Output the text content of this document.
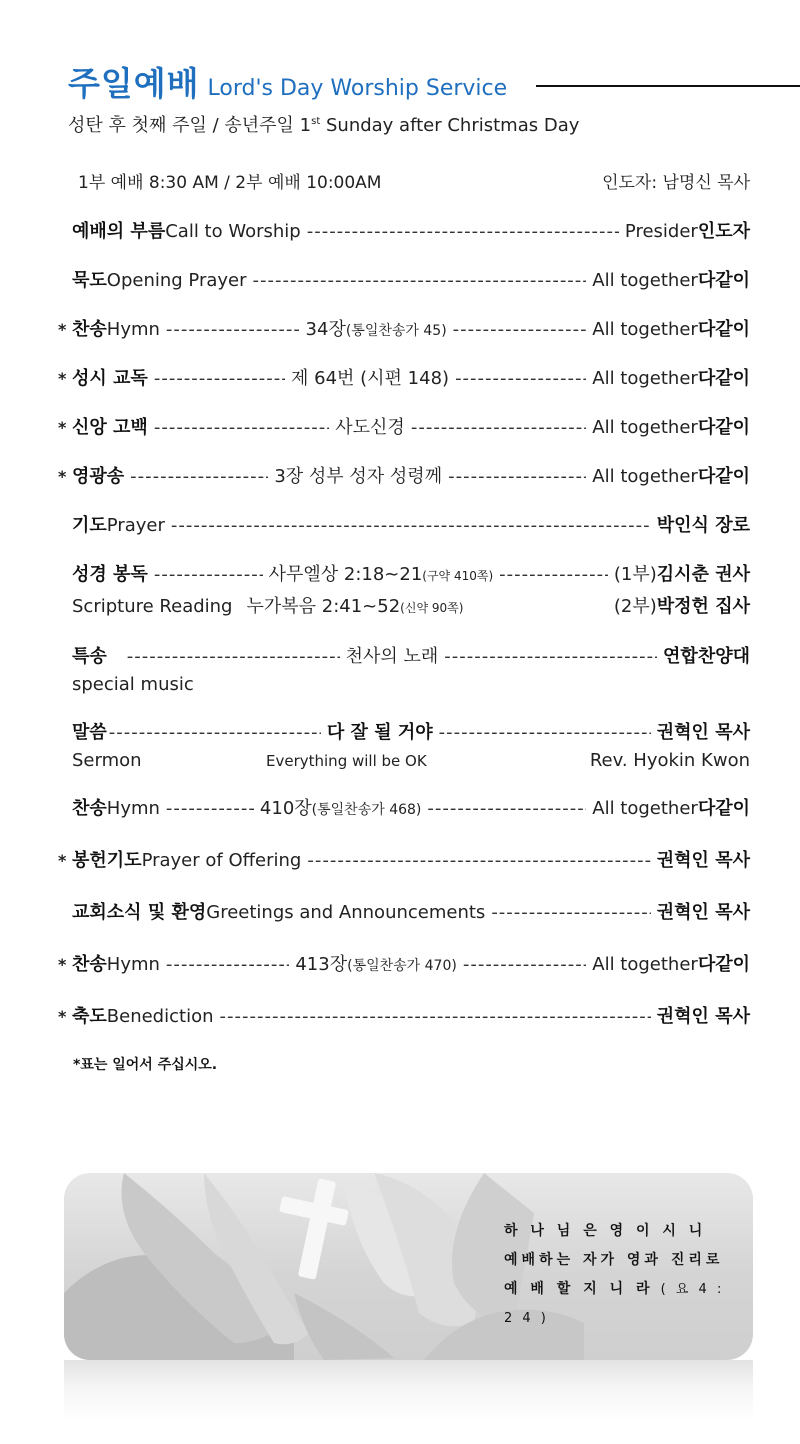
주일예배 Lord's Day Worship Service
성탄 후 첫째 주일 / 송년주일 1st Sunday after Christmas Day
1부 예배 8:30 AM / 2부 예배 10:00AM	인도자: 남명신 목사
예배의 부름 Call to Worship -----	Presider 인도자
묵도 Opening Prayer -----	All together 다같이
* 찬송 Hymn -----	34장 (통일찬송가 45) -----	All together 다같이
* 성시 교독 -----	제 64번 (시편 148) -----	All together 다같이
* 신앙 고백 -----	사도신경 -----	All together 다같이
* 영광송 -----	3장 성부 성자 성령께 -----	All together 다같이
기도 Prayer -----	박인식 장로
성경 봉독 -----	사무엘상 2:18~21 (구약 410쪽) -----	(1부) 김시춘 권사
Scripture Reading 누가복음 2:41~52 (신약 90쪽)	(2부) 박정헌 집사
특송 -----	천사의 노래 -----	연합찬양대
special music
말씀 -----	다 잘 될 거야 -----	권혁인 목사
Sermon	Everything will be OK	Rev. Hyokin Kwon
찬송 Hymn -----	410장 (통일찬송가 468) -----	All together 다같이
* 봉헌기도 Prayer of Offering -----	권혁인 목사
교회소식 및 환영 Greetings and Announcements -----	권혁인 목사
* 찬송 Hymn -----	413장 (통일찬송가 470) -----	All together 다같이
* 축도 Benediction -----	권혁인 목사
*표는 일어서 주십시오.
하 나 님 은 영 이 시 니
예배하는 자가 영과 진리로
예 배 할 지 니 라 ( 요 4 : 2 4 )
